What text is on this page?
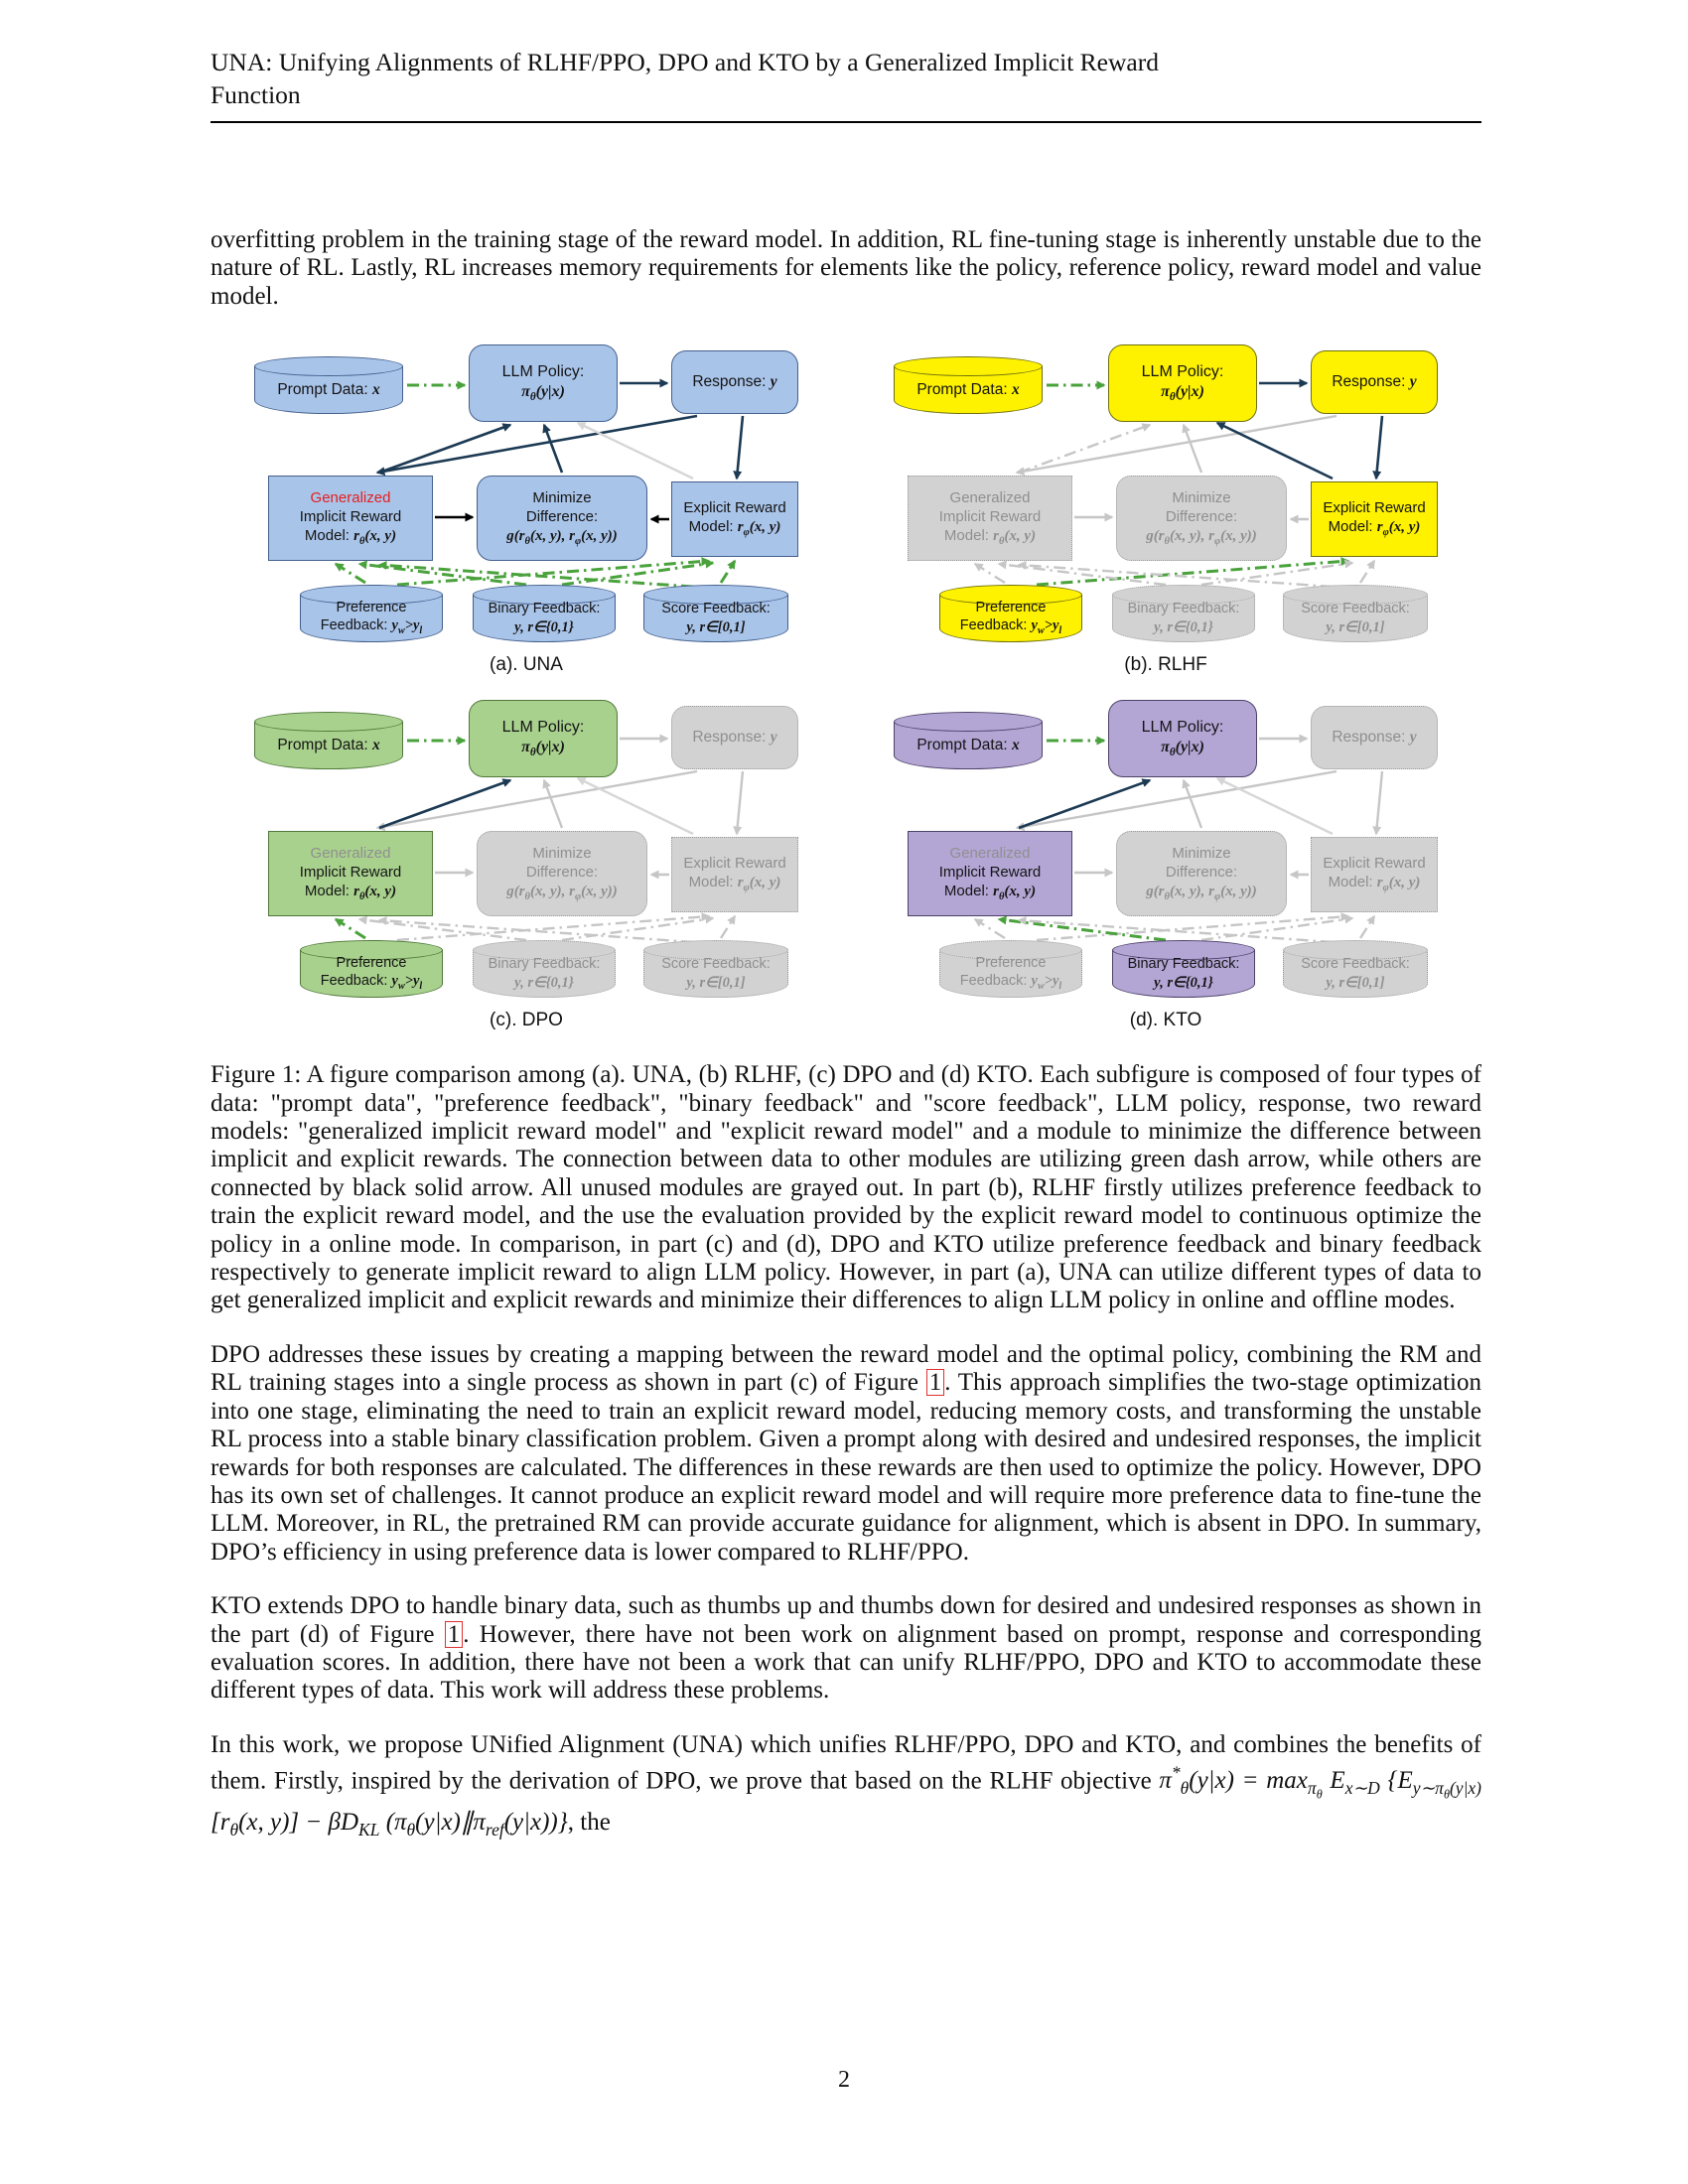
UNA: Unifying Alignments of RLHF/PPO, DPO and KTO by a Generalized Implicit Reward
Function

overfitting problem in the training stage of the reward model. In addition, RL fine-tuning stage is inherently unstable due to the nature of RL. Lastly, RL increases memory requirements for elements like the policy, reference policy, reward model and value model.

Prompt Data: x
LLM Policy:
$\pi_\theta(y|x)$
Response: y
Generalized
Implicit Reward
Model: $r_\theta(x$, y)
Minimize
Difference:
$g(r_\theta(x$, y), $r_\varphi(x$, y))
Explicit Reward
Model: $r_\varphi(x$, y)
Preference
Feedback: $y_w>y_l$
Binary Feedback:
y, r∈{0,1}
Score Feedback:
y, r∈[0,1]
(a). UNA
Prompt Data: x
LLM Policy:
$\pi_\theta(y|x)$
Response: y
Generalized
Implicit Reward
Model: $r_\theta(x$, y)
Minimize
Difference:
$g(r_\theta(x$, y), $r_\varphi(x$, y))
Explicit Reward
Model: $r_\varphi(x$, y)
Preference
Feedback: $y_w>y_l$
Binary Feedback:
y, r∈{0,1}
Score Feedback:
y, r∈[0,1]
(b). RLHF
Prompt Data: x
LLM Policy:
$\pi_\theta(y|x)$
Response: y
Generalized
Implicit Reward
Model: $r_\theta(x$, y)
Minimize
Difference:
$g(r_\theta(x$, y), $r_\varphi(x$, y))
Explicit Reward
Model: $r_\varphi(x$, y)
Preference
Feedback: $y_w>y_l$
Binary Feedback:
y, r∈{0,1}
Score Feedback:
y, r∈[0,1]
(c). DPO
Prompt Data: x
LLM Policy:
$\pi_\theta(y|x)$
Response: y
Generalized
Implicit Reward
Model: $r_\theta(x$, y)
Minimize
Difference:
$g(r_\theta(x$, y), $r_\varphi(x$, y))
Explicit Reward
Model: $r_\varphi(x$, y)
Preference
Feedback: $y_w>y_l$
Binary Feedback:
y, r∈{0,1}
Score Feedback:
y, r∈[0,1]
(d). KTO

Figure 1: A figure comparison among (a). UNA, (b) RLHF, (c) DPO and (d) KTO. Each subfigure is composed of four types of data: "prompt data", "preference feedback", "binary feedback" and "score feedback", LLM policy, response, two reward models: "generalized implicit reward model" and "explicit reward model" and a module to minimize the difference between implicit and explicit rewards. The connection between data to other modules are utilizing green dash arrow, while others are connected by black solid arrow. All unused modules are grayed out. In part (b), RLHF firstly utilizes preference feedback to train the explicit reward model, and the use the evaluation provided by the explicit reward model to continuous optimize the policy in a online mode. In comparison, in part (c) and (d), DPO and KTO utilize preference feedback and binary feedback respectively to generate implicit reward to align LLM policy. However, in part (a), UNA can utilize different types of data to get generalized implicit and explicit rewards and minimize their differences to align LLM policy in online and offline modes.

DPO addresses these issues by creating a mapping between the reward model and the optimal policy, combining the RM and RL training stages into a single process as shown in part (c) of Figure 1 . This approach simplifies the two-stage optimization into one stage, eliminating the need to train an explicit reward model, reducing memory costs, and transforming the unstable RL process into a stable binary classification problem. Given a prompt along with desired and undesired responses, the implicit rewards for both responses are calculated. The differences in these rewards are then used to optimize the policy. However, DPO has its own set of challenges. It cannot produce an explicit reward model and will require more preference data to fine-tune the LLM. Moreover, in RL, the pretrained RM can provide accurate guidance for alignment, which is absent in DPO. In summary, DPO’s efficiency in using preference data is lower compared to RLHF/PPO.

KTO extends DPO to handle binary data, such as thumbs up and thumbs down for desired and undesired responses as shown in the part (d) of Figure 1 . However, there have not been work on alignment based on prompt, response and corresponding evaluation scores. In addition, there have not been a work that can unify RLHF/PPO, DPO and KTO to accommodate these different types of data. This work will address these problems.

In this work, we propose UNified Alignment (UNA) which unifies RLHF/PPO, DPO and KTO, and combines the benefits of them. Firstly, inspired by the derivation of DPO, we prove that based on the RLHF objective $\pi^*_\theta(y|x) = \max_{\pi_\theta} E_{x\sim D}$ {$E_{y\sim\pi_\theta(y|x)}[r_\theta(x$, $y)] - \beta D_{KL}$ $(\pi_\theta(y|x)\parallel\pi_{ref}(y|x))$}, the

2
